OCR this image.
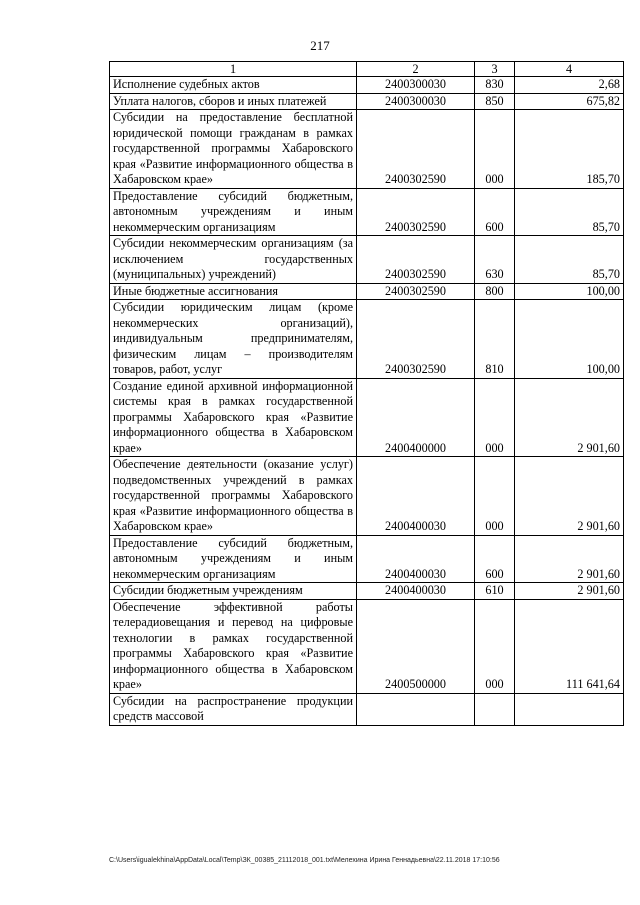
217
1	2	3	4
Исполнение судебных актов	2400300030	830	2,68
Уплата налогов, сборов и иных платежей	2400300030	850	675,82
Субсидии на предоставление бесплатной юридической помощи гражданам в рамках государственной программы Хабаровского края «Развитие информационного общества в Хабаровском крае»	2400302590	000	185,70
Предоставление субсидий бюджетным, автономным учреждениям и иным некоммерческим организациям	2400302590	600	85,70
Субсидии некоммерческим организациям (за исключением государственных (муниципальных) учреждений)	2400302590	630	85,70
Иные бюджетные ассигнования	2400302590	800	100,00
Субсидии юридическим лицам (кроме некоммерческих организаций), индивидуальным предпринимателям, физическим лицам – производителям товаров, работ, услуг	2400302590	810	100,00
Создание единой архивной информационной системы края в рамках государственной программы Хабаровского края «Развитие информационного общества в Хабаровском крае»	2400400000	000	2 901,60
Обеспечение деятельности (оказание услуг) подведомственных учреждений в рамках государственной программы Хабаровского края «Развитие информационного общества в Хабаровском крае»	2400400030	000	2 901,60
Предоставление субсидий бюджетным, автономным учреждениям и иным некоммерческим организациям	2400400030	600	2 901,60
Субсидии бюджетным учреждениям	2400400030	610	2 901,60
Обеспечение эффективной работы телерадиовещания и перевод на цифровые технологии в рамках государственной программы Хабаровского края «Развитие информационного общества в Хабаровском крае»	2400500000	000	111 641,64
Субсидии на распространение продукции средств массовой			
C:\Users\igualekhina\AppData\Local\Temp\ЗК_00385_21112018_001.txt\Мелехина Ирина Геннадьевна\22.11.2018 17:10:56
